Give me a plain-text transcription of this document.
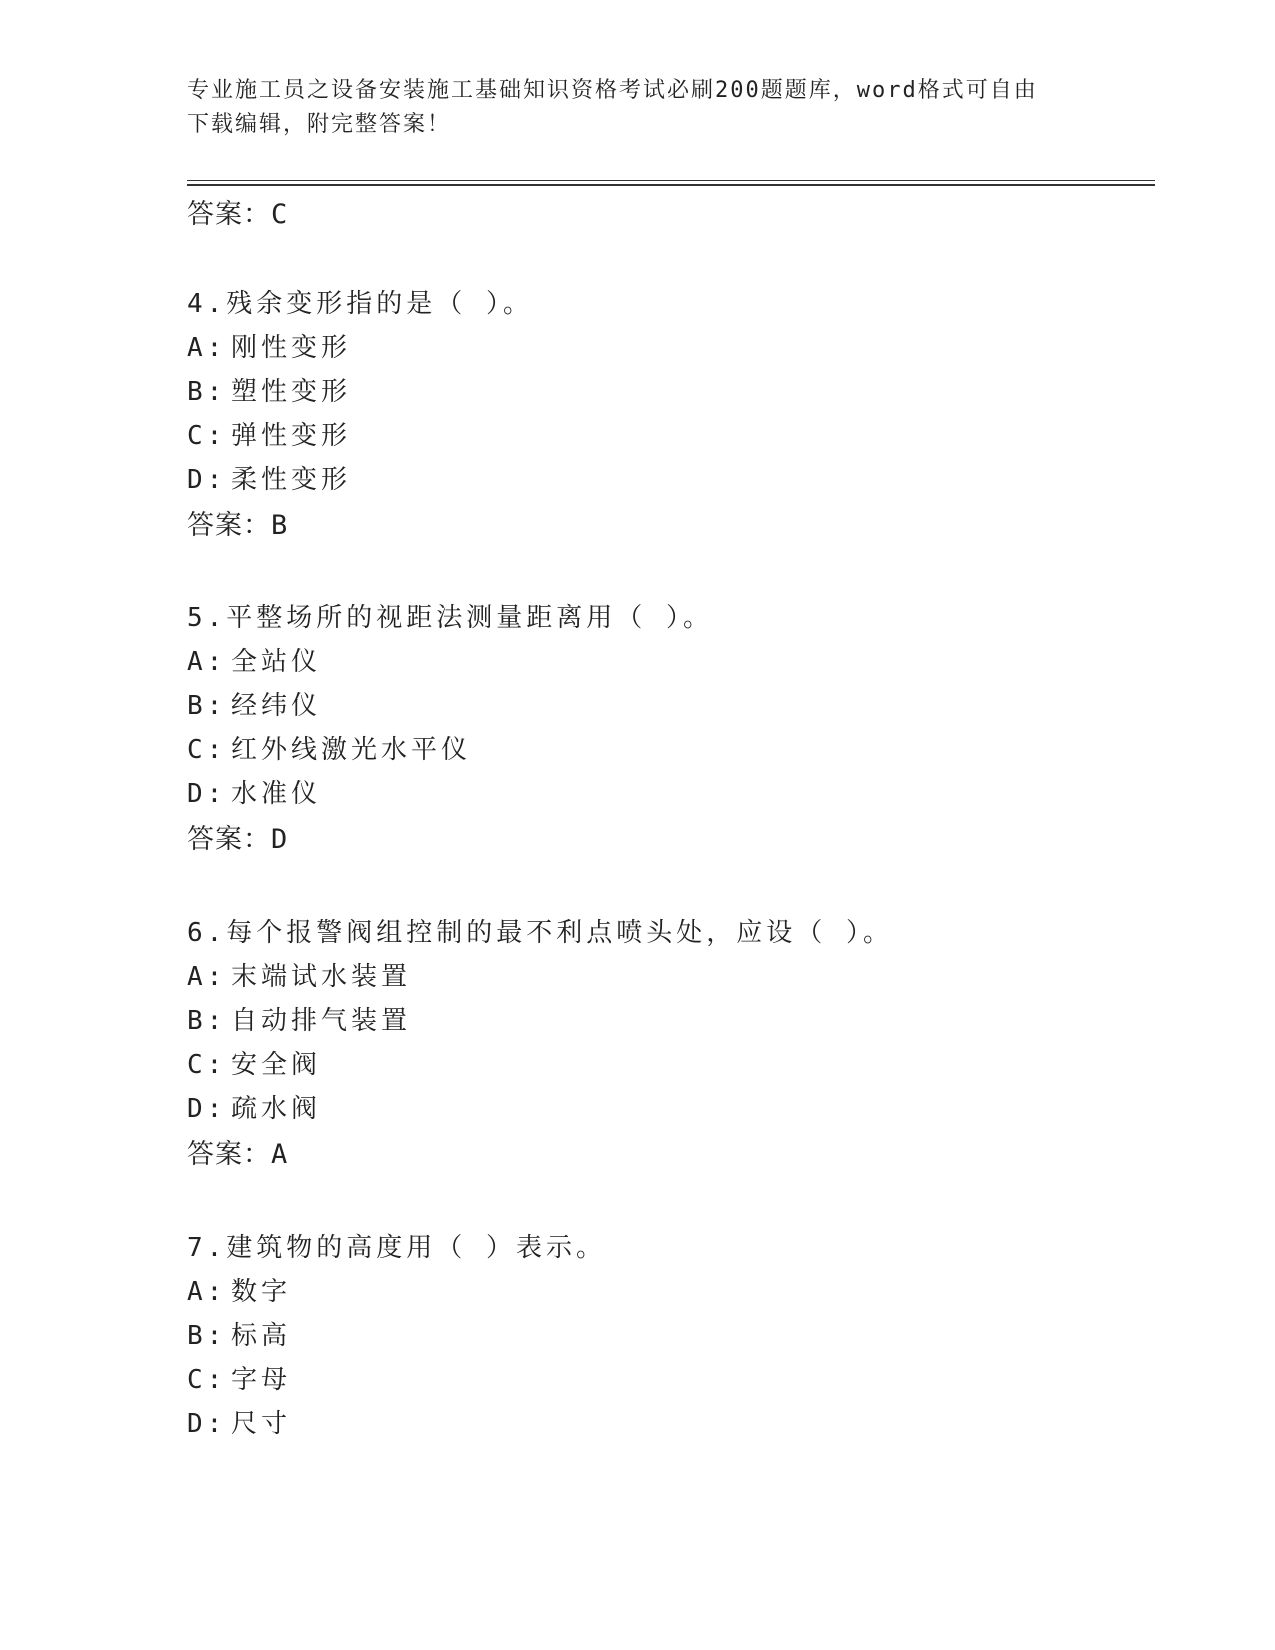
专业施工员之设备安装施工基础知识资格考试必刷200题题库，word格式可自由
下载编辑，附完整答案！
答案：C
4.残余变形指的是（ ）。
A: 刚性变形
B: 塑性变形
C: 弹性变形
D: 柔性变形
答案：B
5.平整场所的视距法测量距离用（ ）。
A: 全站仪
B: 经纬仪
C: 红外线激光水平仪
D: 水准仪
答案：D
6.每个报警阀组控制的最不利点喷头处，应设（ ）。
A: 末端试水装置
B: 自动排气装置
C: 安全阀
D: 疏水阀
答案：A
7.建筑物的高度用（ ）表示。
A: 数字
B: 标高
C: 字母
D: 尺寸
